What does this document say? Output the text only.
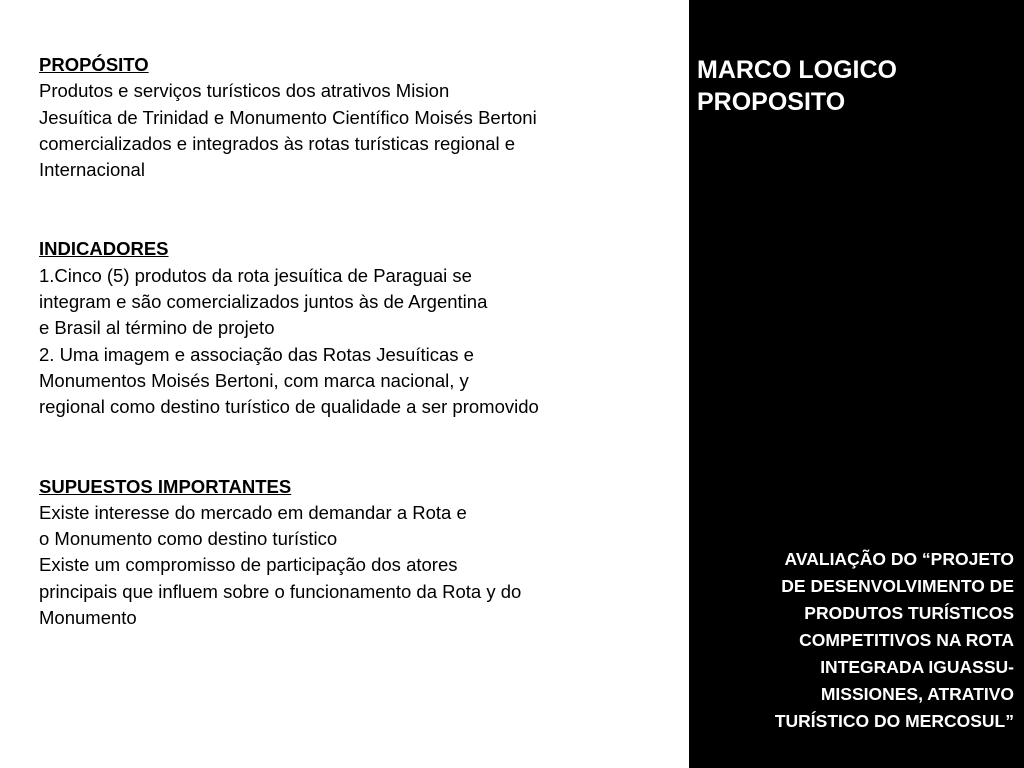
PROPÓSITO
Produtos e serviços turísticos dos atrativos Mision
Jesuítica de Trinidad e Monumento Científico Moisés Bertoni
comercializados e integrados às rotas turísticas regional e
Internacional
INDICADORES
1.Cinco (5) produtos da rota jesuítica de Paraguai se
integram e são comercializados juntos às de Argentina
e Brasil al término de projeto
2. Uma imagem e associação das Rotas Jesuíticas e
Monumentos Moisés Bertoni, com marca nacional, y
regional como destino turístico de qualidade a ser promovido
SUPUESTOS IMPORTANTES
Existe interesse do mercado em demandar a Rota e
o Monumento como destino turístico
Existe um compromisso de participação dos atores
principais que influem sobre o funcionamento da Rota y do
Monumento
MARCO LOGICO
PROPOSITO
AVALIAÇÃO DO “PROJETO
DE DESENVOLVIMENTO DE
PRODUTOS TURÍSTICOS
COMPETITIVOS NA ROTA
INTEGRADA IGUASSU-
MISSIONES, ATRATIVO
TURÍSTICO DO MERCOSUL”
